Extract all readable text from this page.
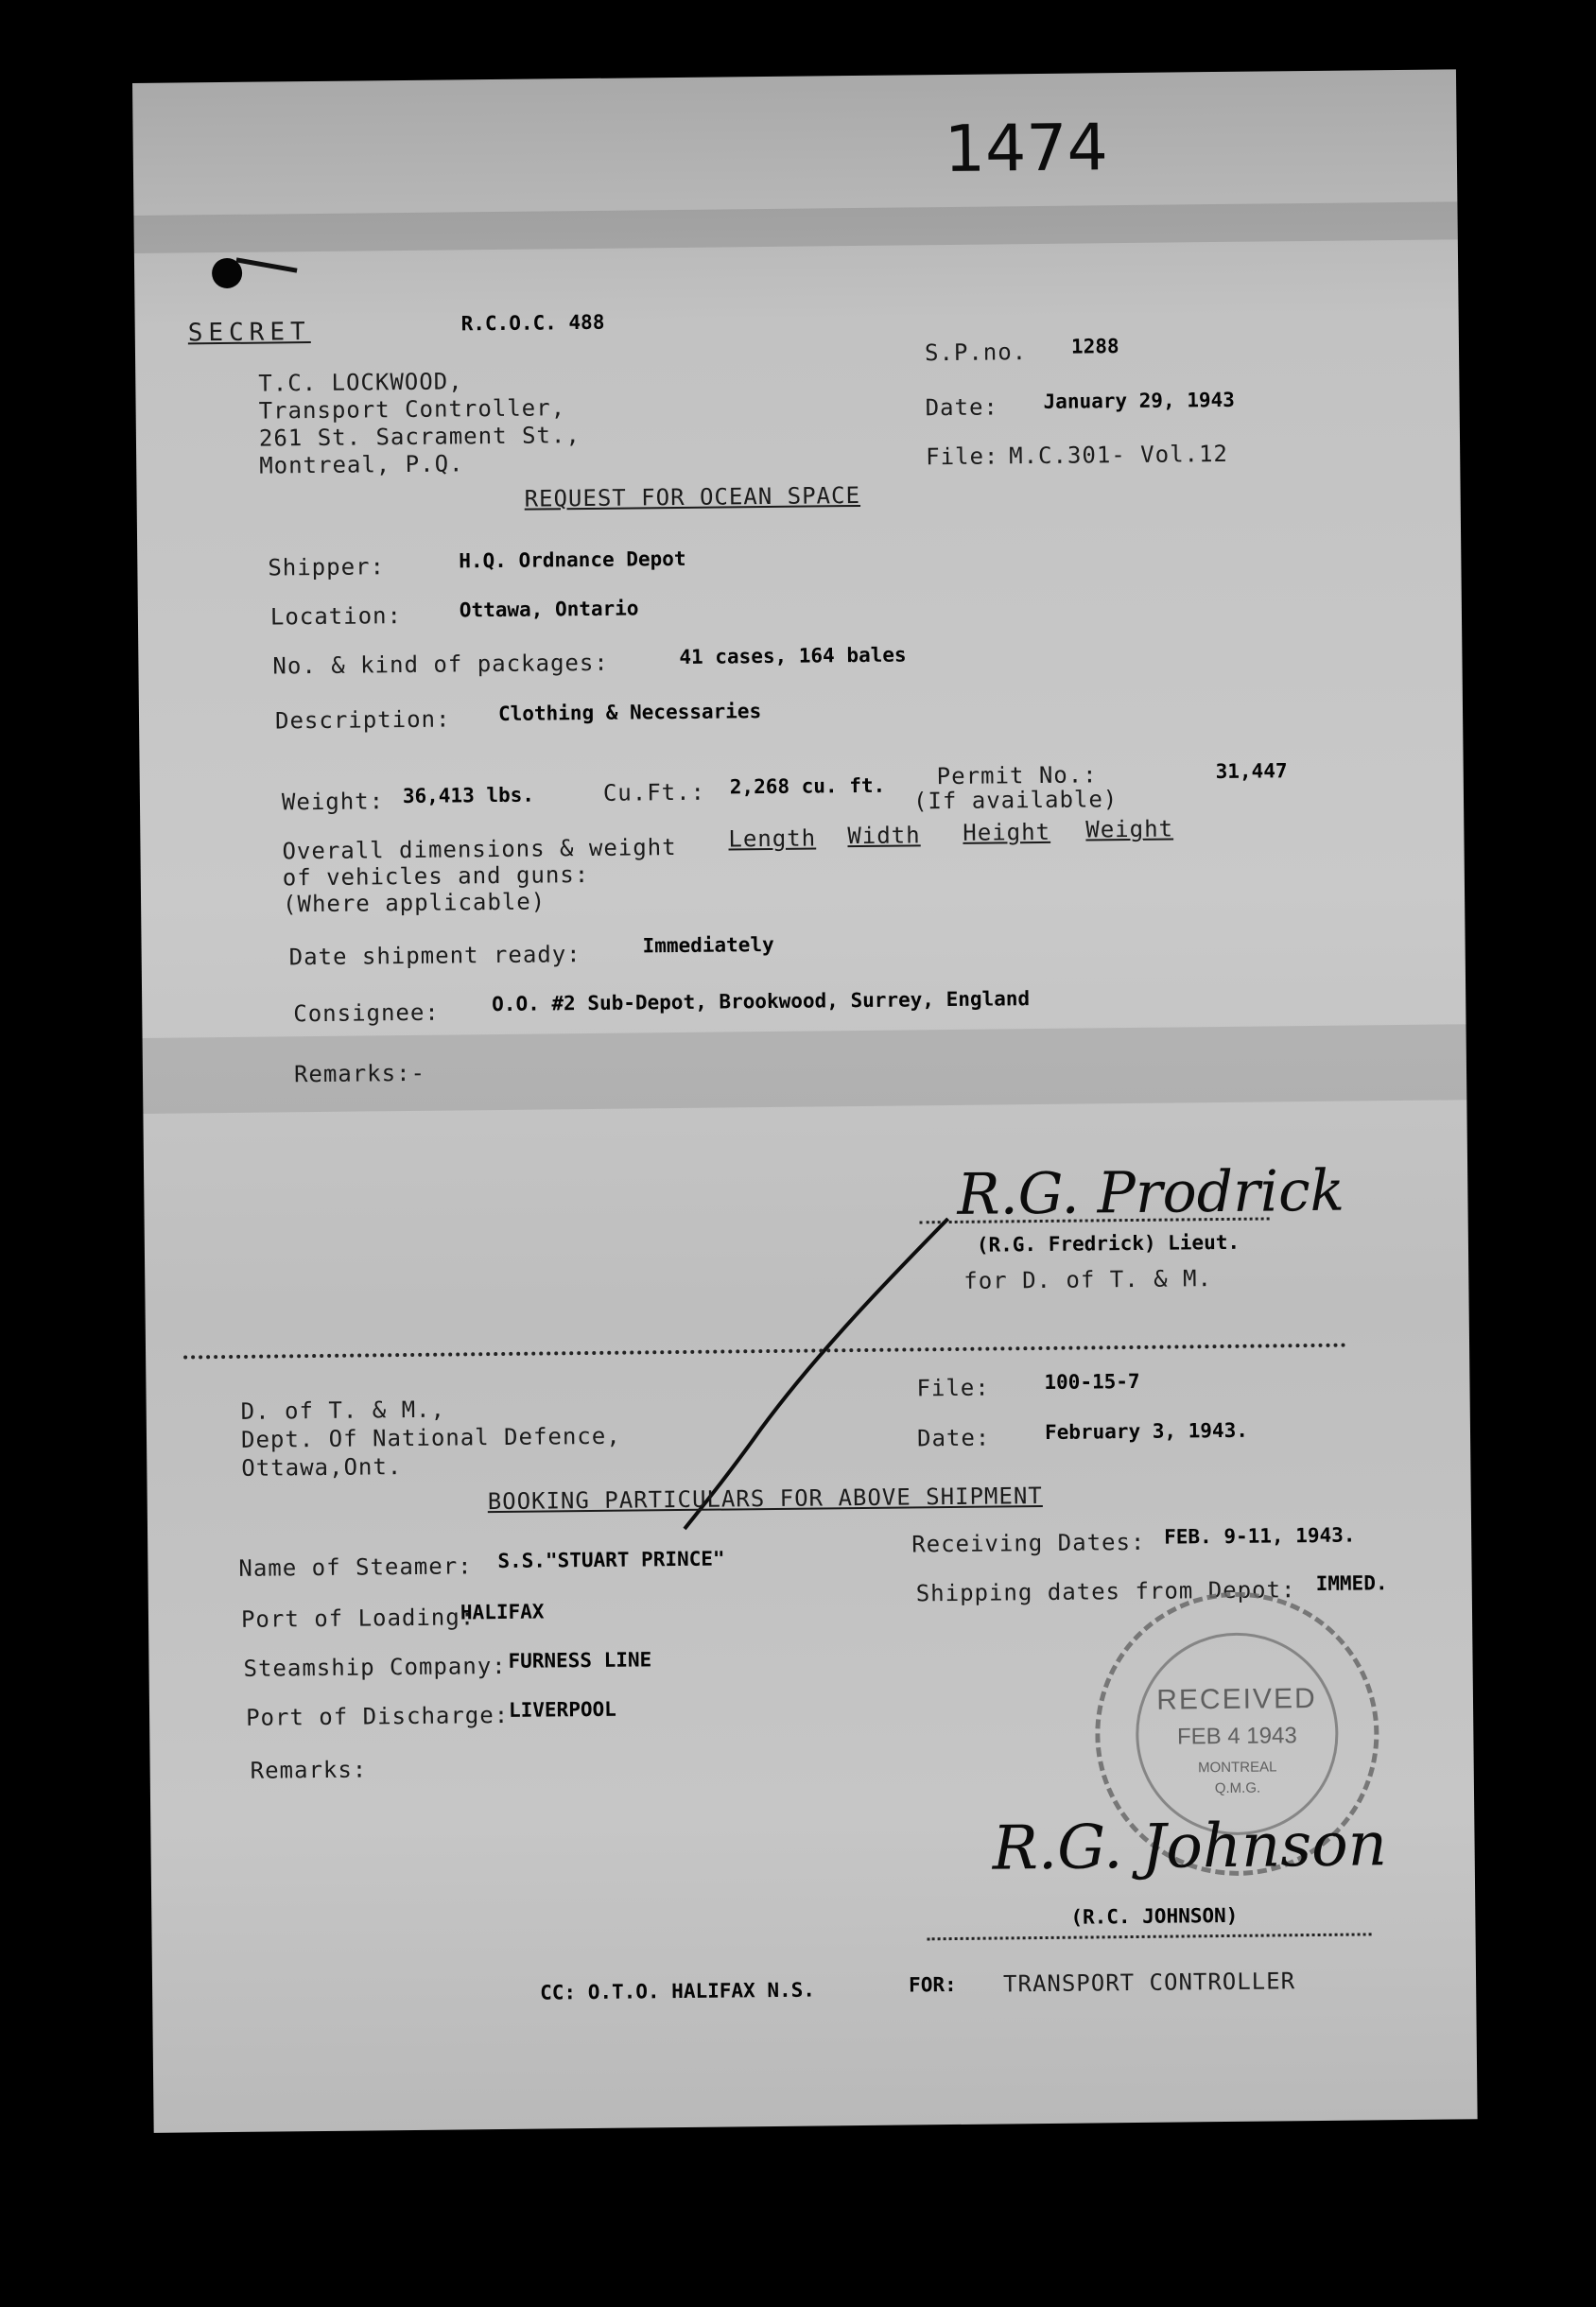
1474
SECRET	R.C.O.C. 488
T.C. LOCKWOOD,
Transport Controller,
261 St. Sacrament St.,
Montreal, P.Q.
S.P.no. 1288
Date: January 29, 1943
File: M.C.301- Vol.12
REQUEST FOR OCEAN SPACE
Shipper:	H.Q. Ordnance Depot
Location:	Ottawa, Ontario
No. & kind of packages:	41 cases, 164 bales
Description: Clothing & Necessaries
Weight: 36,413 lbs.	Cu.Ft.: 2,268 cu. ft. Permit No.:
(If available)
31,447
Overall dimensions & weight
of vehicles and guns:
(Where applicable)
Length Width Height Weight
Date shipment ready:	Immediately
Consignee:	O.O. #2 Sub-Depot, Brookwood, Surrey, England
Remarks:-
R.G. Prodrick
(R.G. Fredrick) Lieut.
for D. of T. & M.
D. of T. & M.,
Dept. Of National Defence,
Ottawa,Ont.
File:	100-15-7
Date:	February 3, 1943.
BOOKING PARTICULARS FOR ABOVE SHIPMENT
Name of Steamer: S.S."STUART PRINCE"
Receiving Dates: FEB. 9-11, 1943.
Port of Loading:
HALIFAX
Shipping dates from Depot: IMMED.
Steamship Company: FURNESS LINE
Port of Discharge: LIVERPOOL
Remarks:
RECEIVED
FEB 4 1943
MONTREAL
Q.M.G.
R.G. Johnson
(R.C. JOHNSON)
CC: O.T.O. HALIFAX N.S.	FOR: TRANSPORT CONTROLLER
